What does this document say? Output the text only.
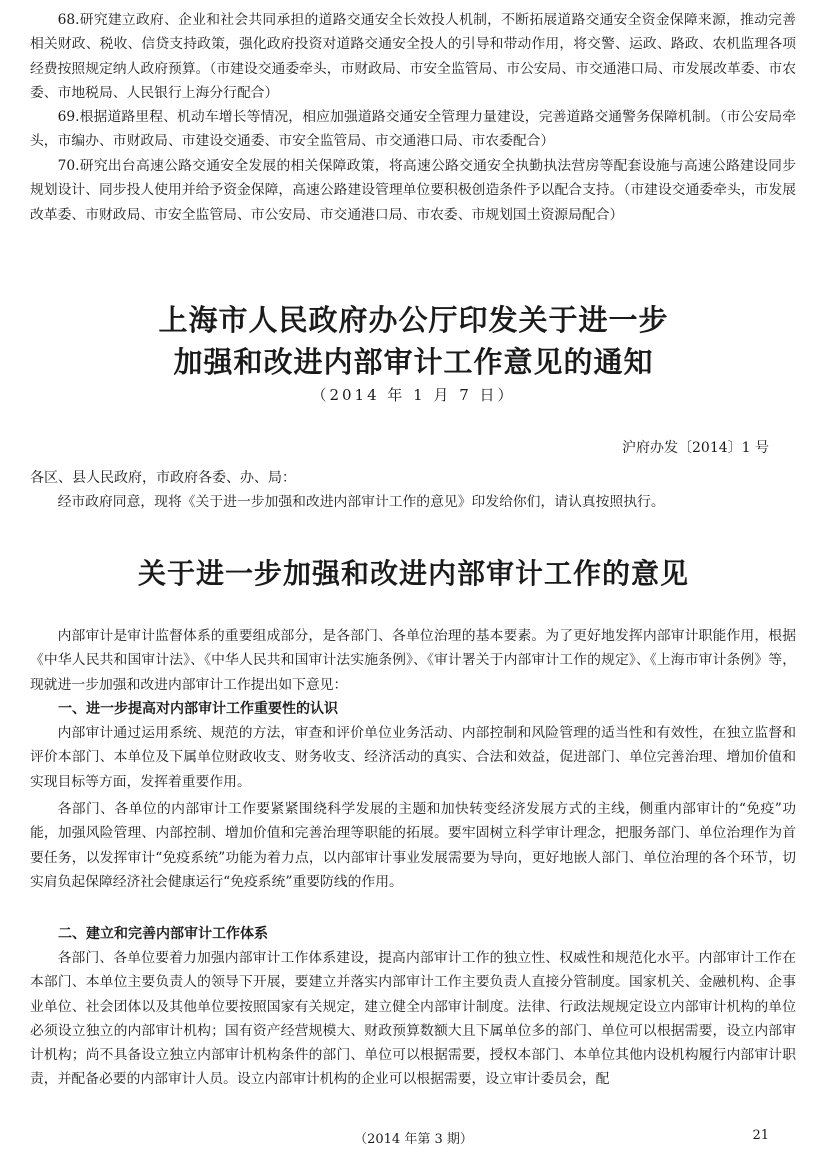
68.研究建立政府、企业和社会共同承担的道路交通安全长效投人机制，不断拓展道路交通安全资金保障来源，推动完善相关财政、税收、信贷支持政策，强化政府投资对道路交通安全投人的引导和带动作用，将交警、运政、路政、农机监理各项经费按照规定纳人政府预算。（市建设交通委牵头，市财政局、市安全监管局、市公安局、市交通港口局、市发展改革委、市农委、市地税局、人民银行上海分行配合）

69.根据道路里程、机动车增长等情况，相应加强道路交通安全管理力量建设，完善道路交通警务保障机制。（市公安局牵头，市编办、市财政局、市建设交通委、市安全监管局、市交通港口局、市农委配合）

70.研究出台高速公路交通安全发展的相关保障政策，将高速公路交通安全执勤执法营房等配套设施与高速公路建设同步规划设计、同步投人使用并给予资金保障，高速公路建设管理单位要积极创造条件予以配合支持。（市建设交通委牵头，市发展改革委、市财政局、市安全监管局、市公安局、市交通港口局、市农委、市规划国土资源局配合）

上海市人民政府办公厅印发关于进一步
加强和改进内部审计工作意见的通知

（2014 年 1 月 7 日）

沪府办发〔2014〕1 号

各区、县人民政府，市政府各委、办、局：

经市政府同意，现将《关于进一步加强和改进内部审计工作的意见》印发给你们，请认真按照执行。

关于进一步加强和改进内部审计工作的意见

内部审计是审计监督体系的重要组成部分，是各部门、各单位治理的基本要素。为了更好地发挥内部审计职能作用，根据《中华人民共和国审计法》、《中华人民共和国审计法实施条例》、《审计署关于内部审计工作的规定》、《上海市审计条例》等，现就进一步加强和改进内部审计工作提出如下意见：

一、进一步提高对内部审计工作重要性的认识

内部审计通过运用系统、规范的方法，审查和评价单位业务活动、内部控制和风险管理的适当性和有效性，在独立监督和评价本部门、本单位及下属单位财政收支、财务收支、经济活动的真实、合法和效益，促进部门、单位完善治理、增加价值和实现目标等方面，发挥着重要作用。

各部门、各单位的内部审计工作要紧紧围绕科学发展的主题和加快转变经济发展方式的主线，侧重内部审计的“免疫”功能，加强风险管理、内部控制、增加价值和完善治理等职能的拓展。要牢固树立科学审计理念，把服务部门、单位治理作为首要任务，以发挥审计“免疫系统”功能为着力点，以内部审计事业发展需要为导向，更好地嵌人部门、单位治理的各个环节，切实肩负起保障经济社会健康运行“免疫系统”重要防线的作用。

二、建立和完善内部审计工作体系

各部门、各单位要着力加强内部审计工作体系建设，提高内部审计工作的独立性、权威性和规范化水平。内部审计工作在本部门、本单位主要负责人的领导下开展，要建立并落实内部审计工作主要负责人直接分管制度。国家机关、金融机构、企事业单位、社会团体以及其他单位要按照国家有关规定，建立健全内部审计制度。法律、行政法规规定设立内部审计机构的单位必须设立独立的内部审计机构；国有资产经营规模大、财政预算数额大且下属单位多的部门、单位可以根据需要，设立内部审计机构；尚不具备设立独立内部审计机构条件的部门、单位可以根据需要，授权本部门、本单位其他内设机构履行内部审计职责，并配备必要的内部审计人员。设立内部审计机构的企业可以根据需要，设立审计委员会，配

（2014 年第 3 期）	21
